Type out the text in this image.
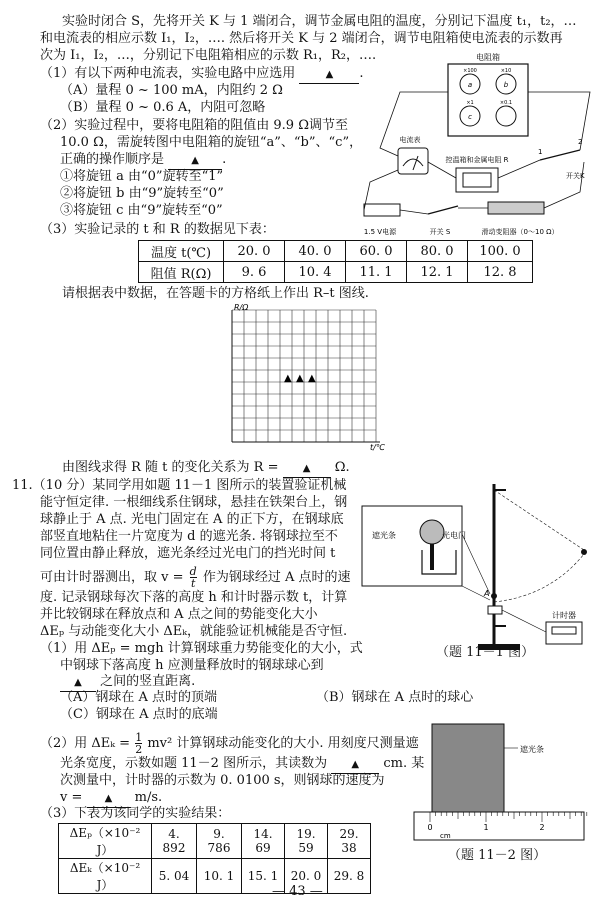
实验时闭合 S，先将开关 K 与 1 端闭合，调节金属电阻的温度，分别记下温度 t₁，t₂，…
和电流表的相应示数 I₁，I₂，…. 然后将开关 K 与 2 端闭合，调节电阻箱使电流表的示数再
次为 I₁，I₂，…，分别记下电阻箱相应的示数 R₁，R₂，….
（1）有以下两种电流表，实验电路中应选用	▲ .
（A）量程 0 ~ 100 mA，内阻约 2 Ω
（B）量程 0 ~ 0.6 A，内阻可忽略
（2）实验过程中，要将电阻箱的阻值由 9.9 Ω调节至
10.0 Ω，需旋转图中电阻箱的旋钮“a”、“b”、“c”，
正确的操作顺序是	▲ .
①将旋钮 a 由“0”旋转至“1”
②将旋钮 b 由“9”旋转至“0”
③将旋钮 c 由“9”旋转至“0”
电阻箱
×100	×10
×1	×0.1
a	b
c
电流表
控温箱和金属电阻 R
1
2
开关K
1.5 V电源	开关 S	滑动变阻器（0～10 Ω）
（3）实验记录的 t 和 R 的数据见下表：
温度 t(℃)	20. 0	40. 0	60. 0	80. 0	100. 0
阻值 R(Ω)	9. 6	10. 4	11. 1	12. 1	12. 8
请根据表中数据，在答题卡的方格纸上作出 R–t 图线.
R/Ω
t/℃
▲ ▲ ▲
由图线求得 R 随 t 的变化关系为 R = ▲ Ω.
11.（10 分）某同学用如题 11－1 图所示的装置验证机械
能守恒定律. 一根细线系住钢球，悬挂在铁架台上，钢
球静止于 A 点. 光电门固定在 A 的正下方，在钢球底
部竖直地粘住一片宽度为 d 的遮光条. 将钢球拉至不
同位置由静止释放，遮光条经过光电门的挡光时间 t
可由计时器测出，取 $v = \frac{d}{t}$ 作为钢球经过 A 点时的速
度. 记录钢球每次下落的高度 h 和计时器示数 t，计算
并比较钢球在释放点和 A 点之间的势能变化大小
ΔEₚ 与动能变化大小 ΔEₖ，就能验证机械能是否守恒.
（1）用 ΔEₚ = mgh 计算钢球重力势能变化的大小，式
中钢球下落高度 h 应测量释放时的钢球球心到
▲ 之间的竖直距离.
（A）钢球在 A 点时的顶端	（B）钢球在 A 点时的球心
（C）钢球在 A 点时的底端
（2）用 $\Delta E_k = \frac{1}{2} mv^2$ 计算钢球动能变化的大小. 用刻度尺测量遮
光条宽度，示数如题 11－2 图所示，其读数为 ▲ cm. 某
次测量中，计时器的示数为 0. 0100 s，则钢球的速度为
v = ▲ m/s.
（3）下表为该同学的实验结果：
ΔEₚ（×10⁻² J）	4. 892	9. 786	14. 69	19. 59	29. 38
ΔEₖ（×10⁻² J）	5. 04	10. 1	15. 1	20. 0	29. 8
A
计时器
遮光条	光电门
（题 11－1 图）
遮光条
0	1	2
cm
（题 11－2 图）
— 43 —
